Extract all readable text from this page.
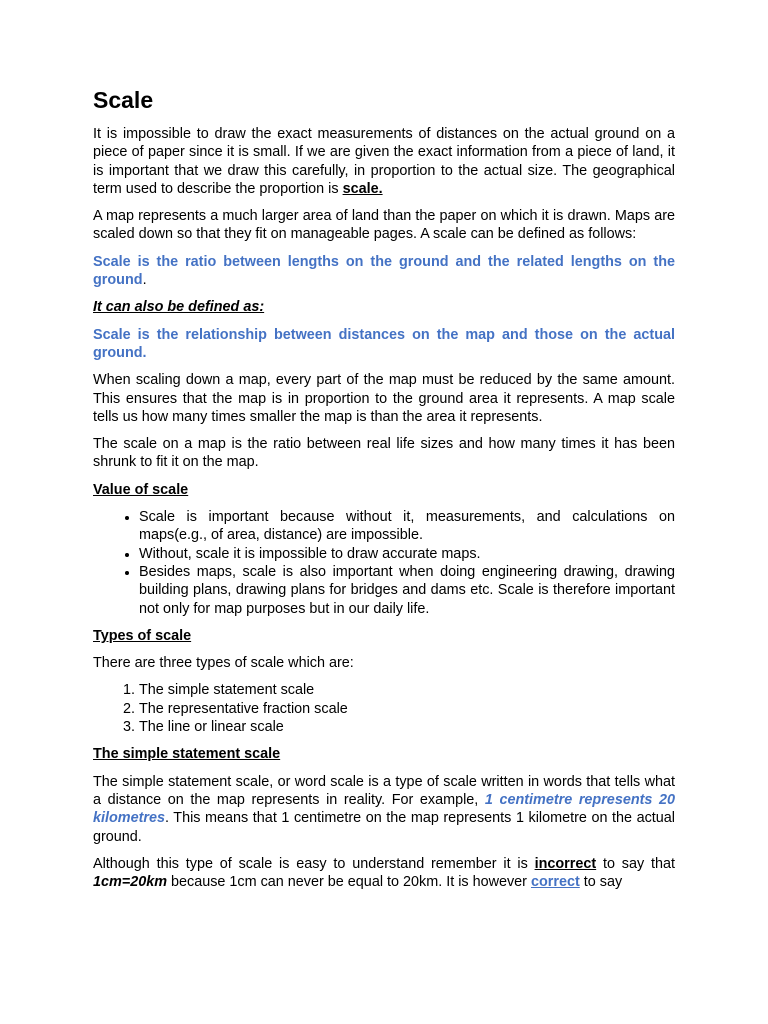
Scale

It is impossible to draw the exact measurements of distances on the actual ground on a piece of paper since it is small. If we are given the exact information from a piece of land, it is important that we draw this carefully, in proportion to the actual size. The geographical term used to describe the proportion is scale.

A map represents a much larger area of land than the paper on which it is drawn. Maps are scaled down so that they fit on manageable pages. A scale can be defined as follows:

Scale is the ratio between lengths on the ground and the related lengths on the ground.

It can also be defined as:

Scale is the relationship between distances on the map and those on the actual ground.

When scaling down a map, every part of the map must be reduced by the same amount. This ensures that the map is in proportion to the ground area it represents. A map scale tells us how many times smaller the map is than the area it represents.

The scale on a map is the ratio between real life sizes and how many times it has been shrunk to fit it on the map.

Value of scale

• Scale is important because without it, measurements, and calculations on maps(e.g., of area, distance) are impossible.
• Without, scale it is impossible to draw accurate maps.
• Besides maps, scale is also important when doing engineering drawing, drawing building plans, drawing plans for bridges and dams etc. Scale is therefore important not only for map purposes but in our daily life.

Types of scale

There are three types of scale which are:

1. The simple statement scale
2. The representative fraction scale
3. The line or linear scale

The simple statement scale

The simple statement scale, or word scale is a type of scale written in words that tells what a distance on the map represents in reality. For example, 1 centimetre represents 20 kilometres. This means that 1 centimetre on the map represents 1 kilometre on the actual ground.

Although this type of scale is easy to understand remember it is incorrect to say that 1cm=20km because 1cm can never be equal to 20km. It is however correct to say
